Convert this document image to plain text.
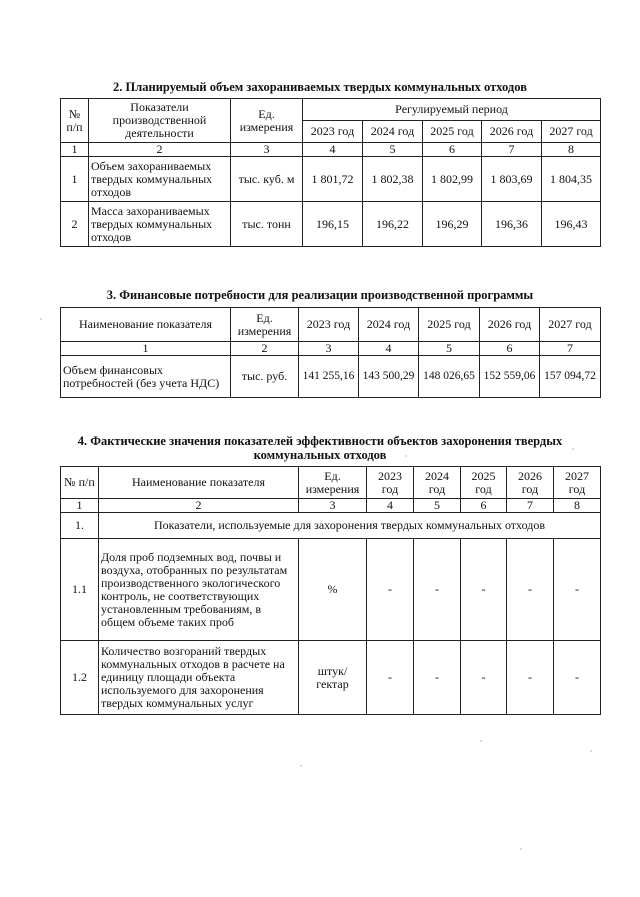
2. Планируемый объем захораниваемых твердых коммунальных отходов
№ п/п	Показатели производственной деятельности	Ед. измерения	Регулируемый период				
			2023 год	2024 год	2025 год	2026 год	2027 год
1	2	3	4	5	6	7	8
1	Объем захораниваемых твердых коммунальных отходов	тыс. куб. м	1 801,72	1 802,38	1 802,99	1 803,69	1 804,35
2	Масса захораниваемых твердых коммунальных отходов	тыс. тонн	196,15	196,22	196,29	196,36	196,43
3. Финансовые потребности для реализации производственной программы
Наименование показателя	Ед. измерения	2023 год	2024 год	2025 год	2026 год	2027 год
1	2	3	4	5	6	7
Объем финансовых потребностей (без учета НДС)	тыс. руб.	141 255,16	143 500,29	148 026,65	152 559,06	157 094,72
4. Фактические значения показателей эффективности объектов захоронения твердых
коммунальных отходов
№ п/п	Наименование показателя	Ед. измерения	2023 год	2024 год	2025 год	2026 год	2027 год
1	2	3	4	5	6	7	8
1.	Показатели, используемые для захоронения твердых коммунальных отходов						
1.1	Доля проб подземных вод, почвы и воздуха, отобранных по результатам производственного экологического контроль, не соответствующих установленным требованиям, в общем объеме таких проб	%	-	-	-	-	-
1.2	Количество возгораний твердых коммунальных отходов в расчете на единицу площади объекта используемого для захоронения твердых коммунальных услуг	штук/ гектар	-	-	-	-	-
